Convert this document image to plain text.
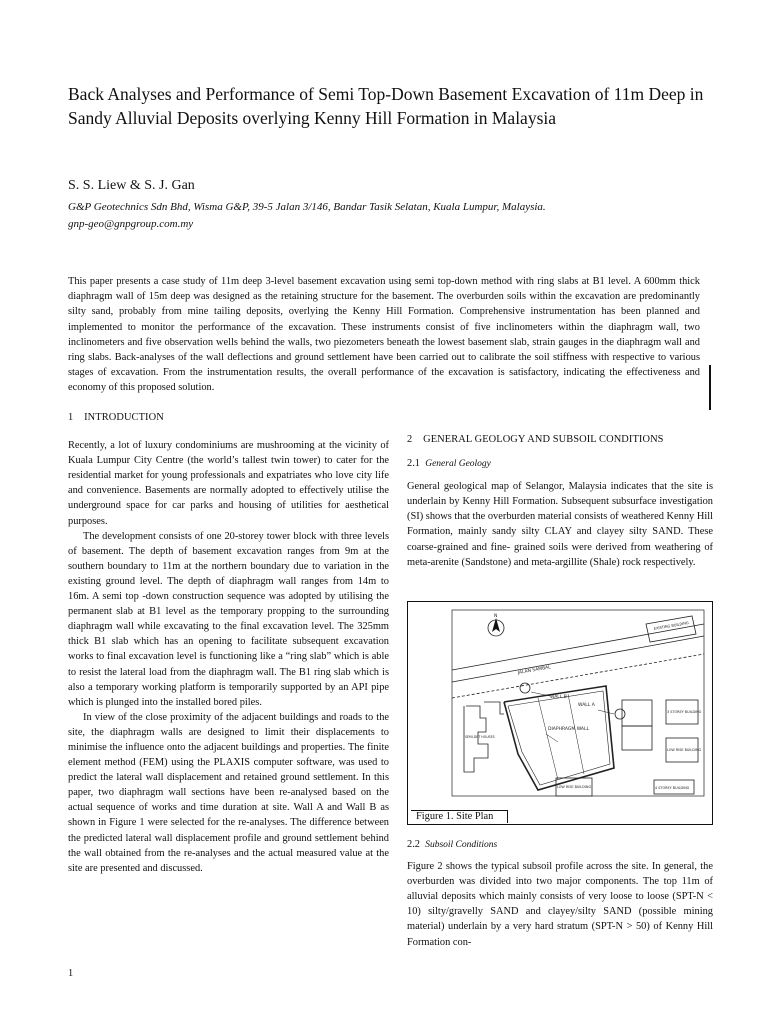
Back Analyses and Performance of Semi Top-Down Basement Excavation of 11m Deep in Sandy Alluvial Deposits overlying Kenny Hill Formation in Malaysia

S. S. Liew & S. J. Gan

G&P Geotechnics Sdn Bhd, Wisma G&P, 39-5 Jalan 3/146, Bandar Tasik Selatan, Kuala Lumpur, Malaysia.
gnp-geo@gnpgroup.com.my

This paper presents a case study of 11m deep 3-level basement excavation using semi top-down method with ring slabs at B1 level. A 600mm thick diaphragm wall of 15m deep was designed as the retaining structure for the basement. The overburden soils within the excavation are predominantly silty sand, probably from mine tailing deposits, overlying the Kenny Hill Formation. Comprehensive instrumentation has been planned and implemented to monitor the performance of the excavation. These instruments consist of five inclinometers within the diaphragm wall, two inclinometers and five observation wells behind the walls, two piezometers beneath the lowest basement slab, strain gauges in the diaphragm wall and ring slabs. Back-analyses of the wall deflections and ground settlement have been carried out to calibrate the soil stiffness with respective to various stages of excavation. From the instrumentation results, the overall performance of the excavation is satisfactory, indicating the effectiveness and economy of this proposed solution.

1 INTRODUCTION

Recently, a lot of luxury condominiums are mushrooming at the vicinity of Kuala Lumpur City Centre (the world’s tallest twin tower) to cater for the residential market for young professionals and expatriates who love city life and convenience. Basements are normally adopted to effectively utilise the underground space for car parks and housing of utilities for aesthetical purposes.

The development consists of one 20-storey tower block with three levels of basement. The depth of basement excavation ranges from 9m at the southern boundary to 11m at the northern boundary due to variation in the existing ground level. The depth of diaphragm wall ranges from 14m to 16m. A semi top -down construction sequence was adopted by utilising the permanent slab at B1 level as the temporary propping to the surrounding diaphragm wall while excavating to the final excavation level. The 325mm thick B1 slab which has an opening to facilitate subsequent excavation works to final excavation level is functioning like a “ring slab” which is able to resist the lateral load from the diaphragm wall. The B1 ring slab which is also a temporary working platform is temporarily supported by an API pipe which is plunged into the installed bored piles.

In view of the close proximity of the adjacent buildings and roads to the site, the diaphragm walls are designed to limit their displacements to minimise the influence onto the adjacent buildings and properties. The finite element method (FEM) using the PLAXIS computer software, was used to predict the lateral wall displacement and retained ground settlement. In this paper, two diaphragm wall sections have been re-analysed based on the actual sequence of works and time duration at site. Wall A and Wall B as shown in Figure 1 were selected for the re-analyses. The difference between the predicted lateral wall displacement profile and ground settlement behind the wall obtained from the re-analyses and the actual measured value at the site are presented and discussed.

2 GENERAL GEOLOGY AND SUBSOIL CONDITIONS

2.1 General Geology

General geological map of Selangor, Malaysia indicates that the site is underlain by Kenny Hill Formation. Subsequent subsurface investigation (SI) shows that the overburden material consists of weathered Kenny Hill Formation, mainly sandy silty CLAY and clayey silty SAND. These coarse-grained and fine- grained soils were derived from weathering of meta-arenite (Sandstone) and meta-argillite (Shale) rock respectively.

N
WALL B
WALL A
DIAPHRAGM WALL
JALAN SAMBAL
EXISTING BUILDING
3 STOREY BUILDING
LOW RISE BUILDING
SEMI-DET HOUSES
LOW RISE BUILDING	4 STOREY BUILDING
Figure 1. Site Plan

2.2 Subsoil Conditions

Figure 2 shows the typical subsoil profile across the site. In general, the overburden was divided into two major components. The top 11m of alluvial deposits which mainly consists of very loose to loose (SPT-N < 10) silty/gravelly SAND and clayey/silty SAND (possible mining material) underlain by a very hard stratum (SPT-N > 50) of Kenny Hill Formation con-

1
